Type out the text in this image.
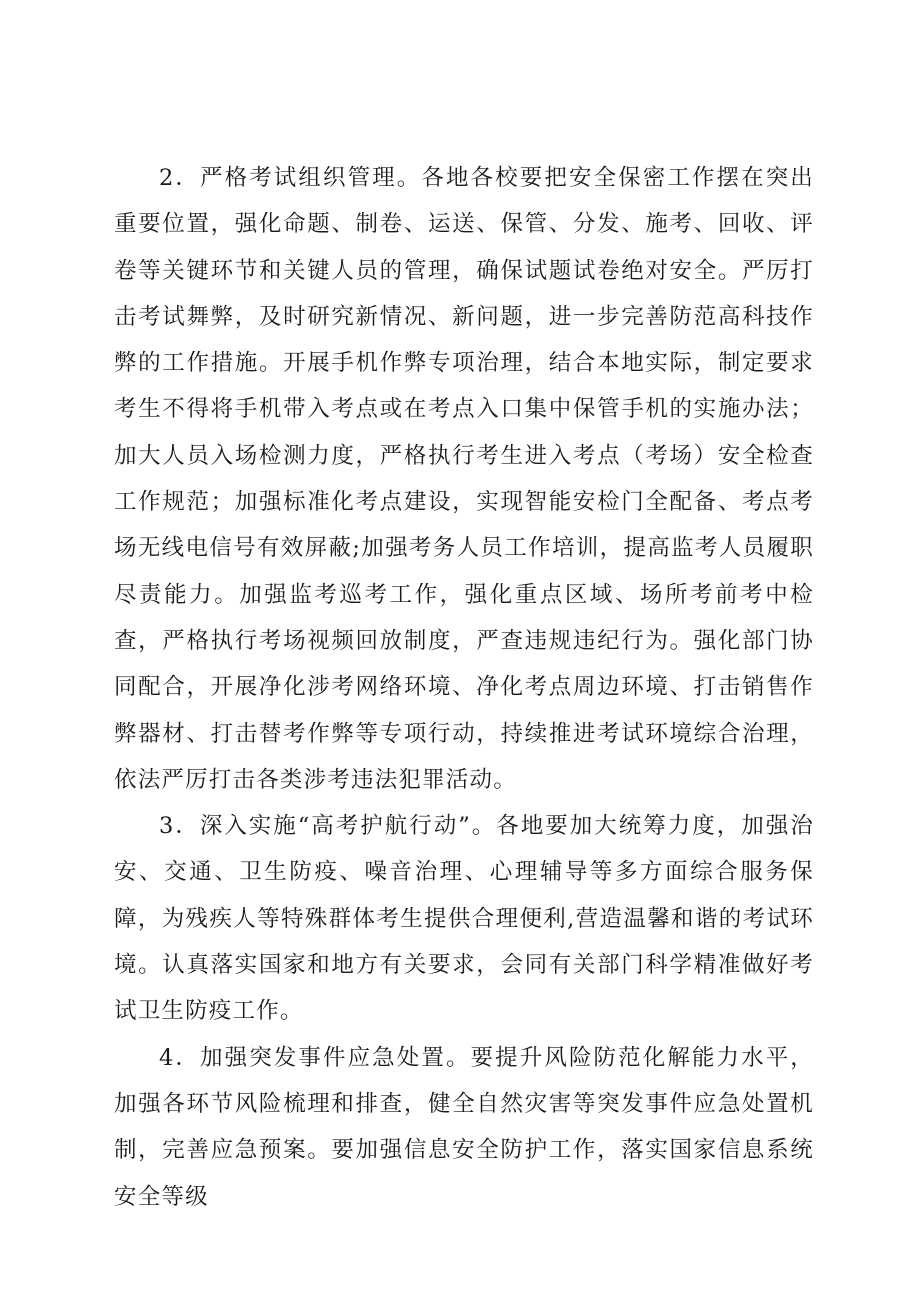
2．严格考试组织管理。各地各校要把安全保密工作摆在突出重要位置，强化命题、制卷、运送、保管、分发、施考、回收、评卷等关键环节和关键人员的管理，确保试题试卷绝对安全。严厉打击考试舞弊，及时研究新情况、新问题，进一步完善防范高科技作弊的工作措施。开展手机作弊专项治理，结合本地实际，制定要求考生不得将手机带入考点或在考点入口集中保管手机的实施办法；加大人员入场检测力度，严格执行考生进入考点（考场）安全检查工作规范；加强标准化考点建设，实现智能安检门全配备、考点考场无线电信号有效屏蔽;加强考务人员工作培训，提高监考人员履职尽责能力。加强监考巡考工作，强化重点区域、场所考前考中检查，严格执行考场视频回放制度，严查违规违纪行为。强化部门协同配合，开展净化涉考网络环境、净化考点周边环境、打击销售作弊器材、打击替考作弊等专项行动，持续推进考试环境综合治理，依法严厉打击各类涉考违法犯罪活动。

3．深入实施“高考护航行动”。各地要加大统筹力度，加强治安、交通、卫生防疫、噪音治理、心理辅导等多方面综合服务保障，为残疾人等特殊群体考生提供合理便利,营造温馨和谐的考试环境。认真落实国家和地方有关要求，会同有关部门科学精准做好考试卫生防疫工作。

4．加强突发事件应急处置。要提升风险防范化解能力水平，加强各环节风险梳理和排查，健全自然灾害等突发事件应急处置机制，完善应急预案。要加强信息安全防护工作，落实国家信息系统安全等级
